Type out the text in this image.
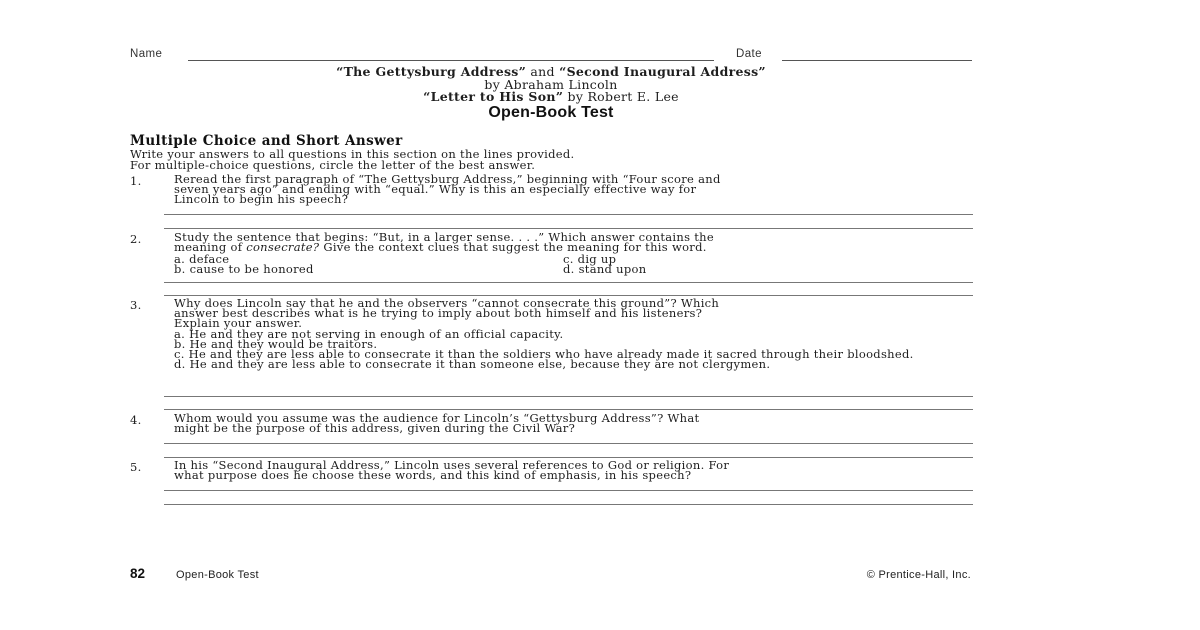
Name	Date
“The Gettysburg Address” and “Second Inaugural Address”
by Abraham Lincoln
“Letter to His Son” by Robert E. Lee
Open-Book Test
Multiple Choice and Short Answer
Write your answers to all questions in this section on the lines provided.
For multiple-choice questions, circle the letter of the best answer.
1.	Reread the first paragraph of “The Gettysburg Address,” beginning with “Four score and
seven years ago” and ending with “equal.” Why is this an especially effective way for
Lincoln to begin his speech?
2.	Study the sentence that begins: “But, in a larger sense. . . .” Which answer contains the
meaning of consecrate? Give the context clues that suggest the meaning for this word.
a. deface	c. dig up
b. cause to be honored	d. stand upon
3.	Why does Lincoln say that he and the observers “cannot consecrate this ground”? Which
answer best describes what is he trying to imply about both himself and his listeners?
Explain your answer.
a. He and they are not serving in enough of an official capacity.
b. He and they would be traitors.
c. He and they are less able to consecrate it than the soldiers who have already made it sacred through their bloodshed.
d. He and they are less able to consecrate it than someone else, because they are not clergymen.
4.	Whom would you assume was the audience for Lincoln’s “Gettysburg Address”? What
might be the purpose of this address, given during the Civil War?
5.	In his “Second Inaugural Address,” Lincoln uses several references to God or religion. For
what purpose does he choose these words, and this kind of emphasis, in his speech?
82	Open-Book Test	© Prentice-Hall, Inc.
